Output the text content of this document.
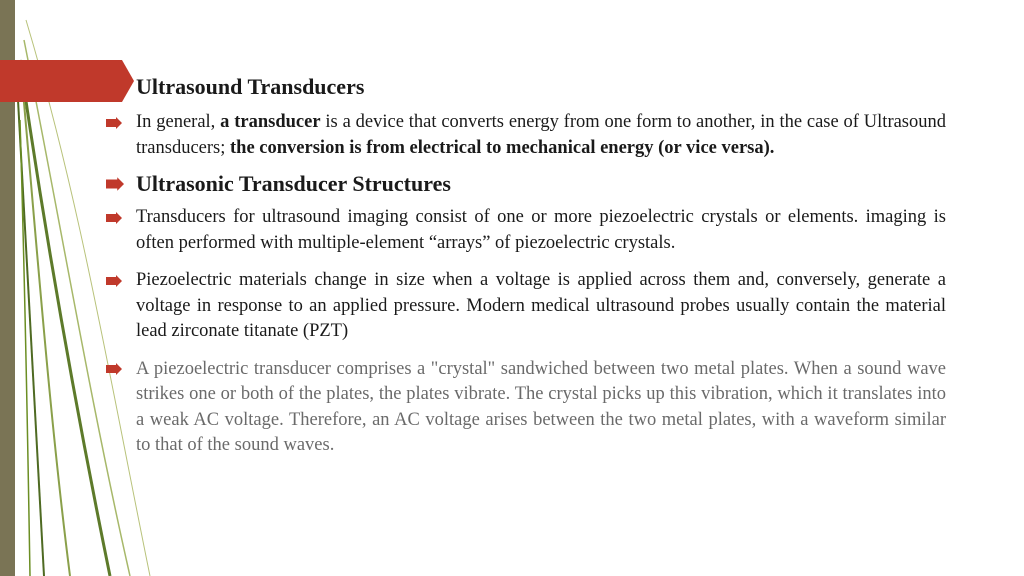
Ultrasound Transducers
In general, a transducer is a device that converts energy from one form to another, in the case of Ultrasound transducers; the conversion is from electrical to mechanical energy (or vice versa).
Ultrasonic Transducer Structures
Transducers for ultrasound imaging consist of one or more piezoelectric crystals or elements. imaging is often performed with multiple-element “arrays” of piezoelectric crystals.
Piezoelectric materials change in size when a voltage is applied across them and, conversely, generate a voltage in response to an applied pressure. Modern medical ultrasound probes usually contain the material lead zirconate titanate (PZT)
A piezoelectric transducer comprises a "crystal" sandwiched between two metal plates. When a sound wave strikes one or both of the plates, the plates vibrate. The crystal picks up this vibration, which it translates into a weak AC voltage. Therefore, an AC voltage arises between the two metal plates, with a waveform similar to that of the sound waves.
